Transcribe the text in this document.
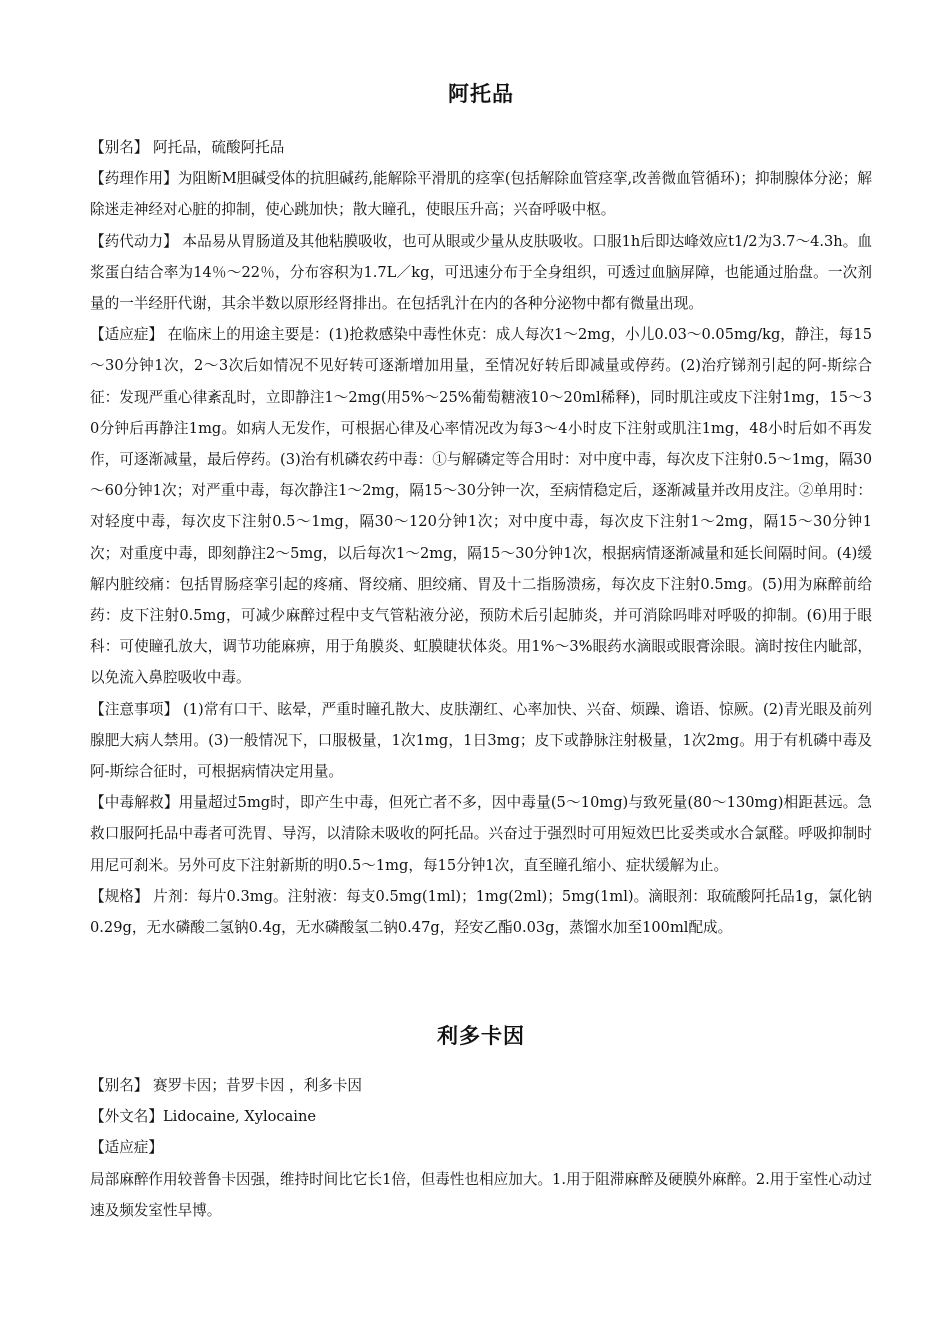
阿托品

【别名】 阿托品，硫酸阿托品

【药理作用】为阻断M胆碱受体的抗胆碱药,能解除平滑肌的痉挛(包括解除血管痉挛,改善微血管循环)；抑制腺体分泌；解除迷走神经对心脏的抑制，使心跳加快；散大瞳孔，使眼压升高；兴奋呼吸中枢。

【药代动力】 本品易从胃肠道及其他粘膜吸收，也可从眼或少量从皮肤吸收。口服1h后即达峰效应t1/2为3.7～4.3h。血浆蛋白结合率为14％～22％，分布容积为1.7L／kg，可迅速分布于全身组织，可透过血脑屏障，也能通过胎盘。一次剂量的一半经肝代谢，其余半数以原形经肾排出。在包括乳汁在内的各种分泌物中都有微量出现。

【适应症】 在临床上的用途主要是：(1)抢救感染中毒性休克：成人每次1～2mg，小儿0.03～0.05mg/kg，静注，每15～30分钟1次，2～3次后如情况不见好转可逐渐增加用量，至情况好转后即减量或停药。(2)治疗锑剂引起的阿-斯综合征：发现严重心律紊乱时，立即静注1～2mg(用5%～25%葡萄糖液10～20ml稀释)，同时肌注或皮下注射1mg，15～30分钟后再静注1mg。如病人无发作，可根据心律及心率情况改为每3～4小时皮下注射或肌注1mg，48小时后如不再发作，可逐渐减量，最后停药。(3)治有机磷农药中毒：①与解磷定等合用时：对中度中毒，每次皮下注射0.5～1mg，隔30～60分钟1次；对严重中毒，每次静注1～2mg，隔15～30分钟一次，至病情稳定后，逐渐减量并改用皮注。②单用时：对轻度中毒，每次皮下注射0.5～1mg，隔30～120分钟1次；对中度中毒，每次皮下注射1～2mg，隔15～30分钟1次；对重度中毒，即刻静注2～5mg，以后每次1～2mg，隔15～30分钟1次，根据病情逐渐减量和延长间隔时间。(4)缓解内脏绞痛：包括胃肠痉挛引起的疼痛、肾绞痛、胆绞痛、胃及十二指肠溃疡，每次皮下注射0.5mg。(5)用为麻醉前给药：皮下注射0.5mg，可减少麻醉过程中支气管粘液分泌，预防术后引起肺炎，并可消除吗啡对呼吸的抑制。(6)用于眼科：可使瞳孔放大，调节功能麻痹，用于角膜炎、虹膜睫状体炎。用1%～3%眼药水滴眼或眼膏涂眼。滴时按住内眦部，以免流入鼻腔吸收中毒。

【注意事项】 (1)常有口干、眩晕，严重时瞳孔散大、皮肤潮红、心率加快、兴奋、烦躁、谵语、惊厥。(2)青光眼及前列腺肥大病人禁用。(3)一般情况下，口服极量，1次1mg，1日3mg；皮下或静脉注射极量，1次2mg。用于有机磷中毒及阿-斯综合征时，可根据病情决定用量。

【中毒解救】用量超过5mg时，即产生中毒，但死亡者不多，因中毒量(5～10mg)与致死量(80～130mg)相距甚远。急救口服阿托品中毒者可洗胃、导泻，以清除未吸收的阿托品。兴奋过于强烈时可用短效巴比妥类或水合氯醛。呼吸抑制时用尼可刹米。另外可皮下注射新斯的明0.5～1mg，每15分钟1次，直至瞳孔缩小、症状缓解为止。

【规格】 片剂：每片0.3mg。注射液：每支0.5mg(1ml)；1mg(2ml)；5mg(1ml)。滴眼剂：取硫酸阿托品1g，氯化钠0.29g，无水磷酸二氢钠0.4g，无水磷酸氢二钠0.47g，羟安乙酯0.03g，蒸馏水加至100ml配成。

利多卡因

【别名】 赛罗卡因；昔罗卡因 ，利多卡因

【外文名】Lidocaine, Xylocaine

【适应症】

局部麻醉作用较普鲁卡因强，维持时间比它长1倍，但毒性也相应加大。1.用于阻滞麻醉及硬膜外麻醉。2.用于室性心动过速及频发室性早博。
